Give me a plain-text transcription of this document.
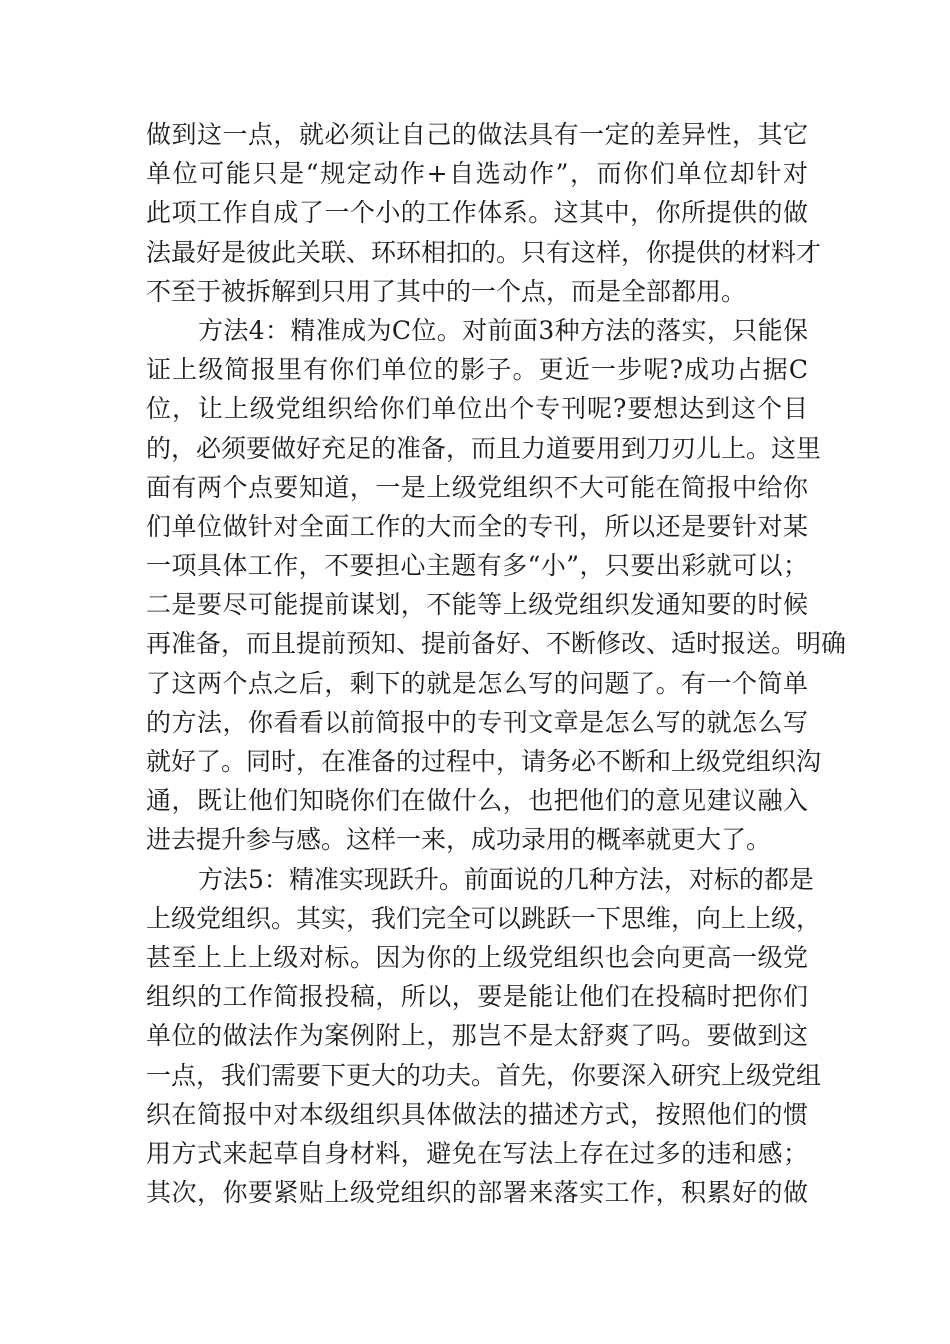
做到这一点，就必须让自己的做法具有一定的差异性，其它
单位可能只是“规定动作+自选动作”，而你们单位却针对
此项工作自成了一个小的工作体系。这其中，你所提供的做
法最好是彼此关联、环环相扣的。只有这样，你提供的材料才
不至于被拆解到只用了其中的一个点，而是全部都用。
方法4：精准成为C位。对前面3种方法的落实，只能保
证上级简报里有你们单位的影子。更近一步呢?成功占据C
位，让上级党组织给你们单位出个专刊呢?要想达到这个目
的，必须要做好充足的准备，而且力道要用到刀刃儿上。这里
面有两个点要知道，一是上级党组织不大可能在简报中给你
们单位做针对全面工作的大而全的专刊，所以还是要针对某
一项具体工作，不要担心主题有多“小”，只要出彩就可以；
二是要尽可能提前谋划，不能等上级党组织发通知要的时候
再准备，而且提前预知、提前备好、不断修改、适时报送。明确
了这两个点之后，剩下的就是怎么写的问题了。有一个简单
的方法，你看看以前简报中的专刊文章是怎么写的就怎么写
就好了。同时，在准备的过程中，请务必不断和上级党组织沟
通，既让他们知晓你们在做什么，也把他们的意见建议融入
进去提升参与感。这样一来，成功录用的概率就更大了。
方法5：精准实现跃升。前面说的几种方法，对标的都是
上级党组织。其实，我们完全可以跳跃一下思维，向上上级，
甚至上上上级对标。因为你的上级党组织也会向更高一级党
组织的工作简报投稿，所以，要是能让他们在投稿时把你们
单位的做法作为案例附上，那岂不是太舒爽了吗。要做到这
一点，我们需要下更大的功夫。首先，你要深入研究上级党组
织在简报中对本级组织具体做法的描述方式，按照他们的惯
用方式来起草自身材料，避免在写法上存在过多的违和感；
其次，你要紧贴上级党组织的部署来落实工作，积累好的做
